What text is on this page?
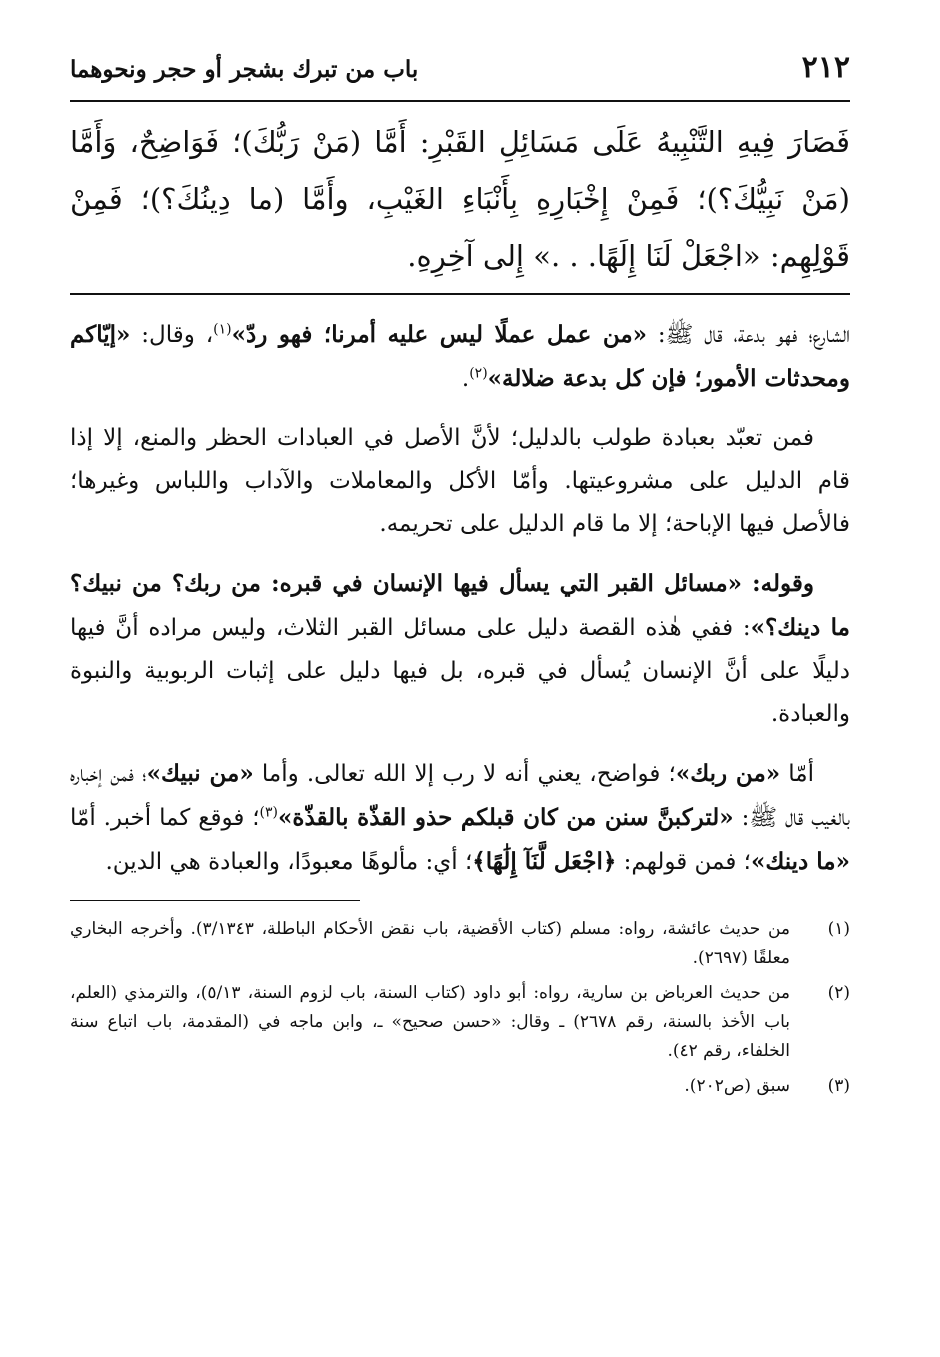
٢١٢
باب من تبرك بشجر أو حجر ونحوهما

فَصَارَ فِيهِ التَّنْبِيهُ عَلَى مَسَائِلِ القَبْرِ: أَمَّا (مَنْ رَبُّكَ)؛ فَوَاضِحٌ، وَأَمَّا (مَنْ نَبِيُّكَ؟)؛ فَمِنْ إِخْبَارِهِ بِأَنْبَاءِ الغَيْبِ، وأَمَّا (ما دِينُكَ؟)؛ فَمِنْ قَوْلِهِم: «اجْعَلْ لَنَا إِلَهًا. . .» إِلى آخِرِهِ.

الشارع؛ فهو بدعة، قال ﷺ: «من عمل عملًا ليس عليه أمرنا؛ فهو ردّ»$^{(١)}$، وقال: «إيّاكم ومحدثات الأمور؛ فإن كل بدعة ضلالة»$^{(٢)}$.

فمن تعبّد بعبادة طولب بالدليل؛ لأنَّ الأصل في العبادات الحظر والمنع، إلا إذا قام الدليل على مشروعيتها. وأمّا الأكل والمعاملات والآداب واللباس وغيرها؛ فالأصل فيها الإباحة؛ إلا ما قام الدليل على تحريمه.

وقوله: «مسائل القبر التي يسأل فيها الإنسان في قبره: من ربك؟ من نبيك؟ ما دينك؟»: ففي هٰذه القصة دليل على مسائل القبر الثلاث، وليس مراده أنَّ فيها دليلًا على أنَّ الإنسان يُسأل في قبره، بل فيها دليل على إثبات الربوبية والنبوة والعبادة.

أمّا «من ربك»؛ فواضح، يعني أنه لا رب إلا الله تعالى. وأما «من نبيك»؛ فمن إخباره بالغيب قال ﷺ: «لتركبنَّ سنن من كان قبلكم حذو القذّة بالقذّة»$^{(٣)}$؛ فوقع كما أخبر. أمّا «ما دينك»؛ فمن قولهم: ﴿اجْعَل لَّنَآ إِلَٰهًا﴾؛ أي: مألوهًا معبودًا، والعبادة هي الدين.

(١)
من حديث عائشة، رواه: مسلم (كتاب الأقضية، باب نقض الأحكام الباطلة، ٣/١٣٤٣). وأخرجه البخاري معلقًا (٢٦٩٧).
(٢)
من حديث العرباض بن سارية، رواه: أبو داود (كتاب السنة، باب لزوم السنة، ٥/١٣)، والترمذي (العلم، باب الأخذ بالسنة، رقم ٢٦٧٨) ـ وقال: «حسن صحيح» ـ، وابن ماجه في (المقدمة، باب اتباع سنة الخلفاء، رقم ٤٢).
(٣)
سبق (ص٢٠٢).
